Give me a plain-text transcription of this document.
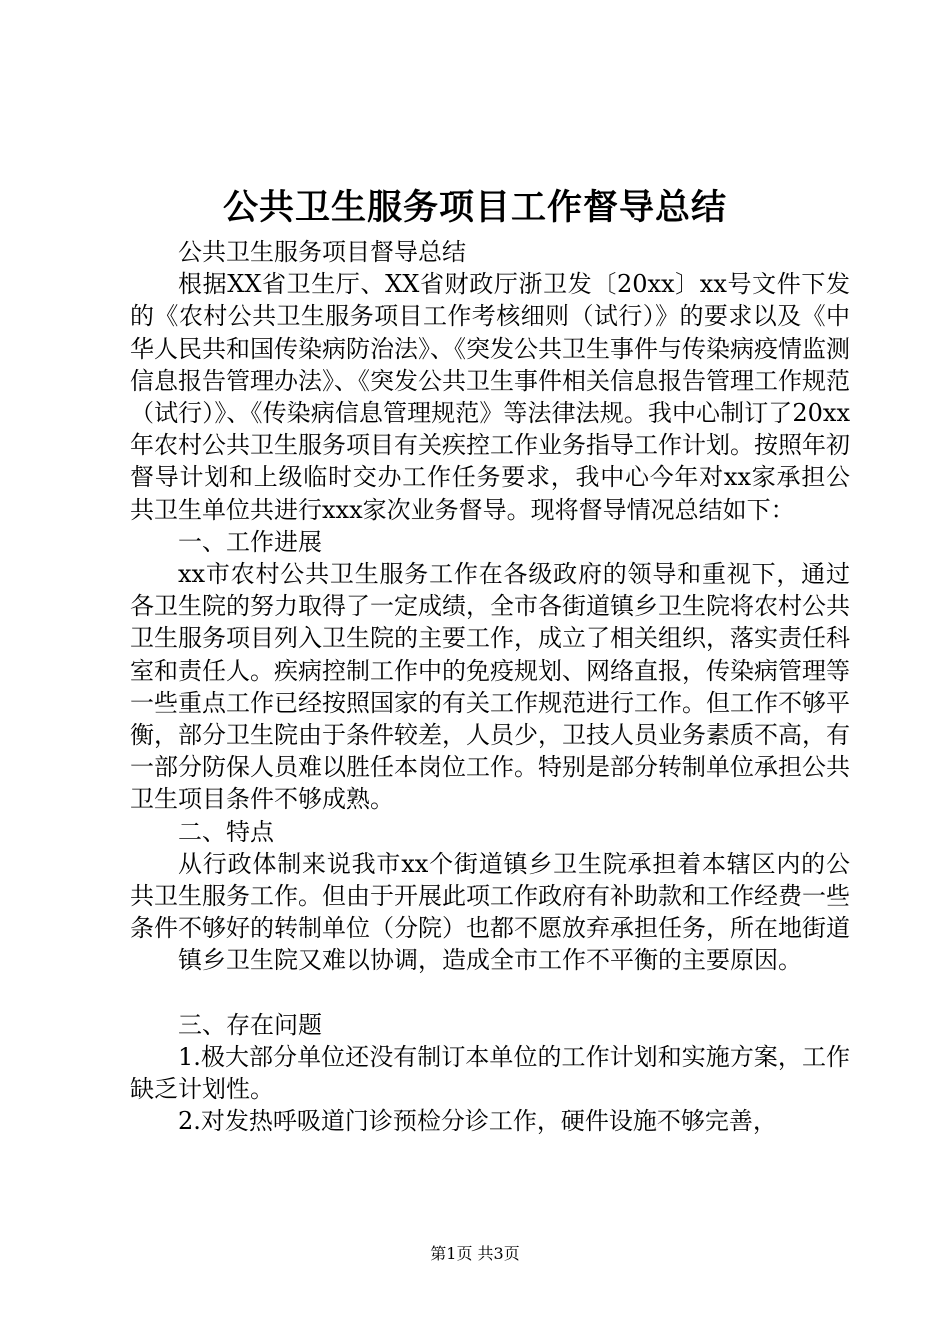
公共卫生服务项目工作督导总结

公共卫生服务项目督导总结

根据XX省卫生厅、XX省财政厅浙卫发〔20xx〕xx号文件下发的《农村公共卫生服务项目工作考核细则（试行）》的要求以及《中华人民共和国传染病防治法》、《突发公共卫生事件与传染病疫情监测信息报告管理办法》、《突发公共卫生事件相关信息报告管理工作规范（试行）》、《传染病信息管理规范》等法律法规。我中心制订了20xx年农村公共卫生服务项目有关疾控工作业务指导工作计划。按照年初督导计划和上级临时交办工作任务要求，我中心今年对xx家承担公共卫生单位共进行xxx家次业务督导。现将督导情况总结如下：

一、工作进展

xx市农村公共卫生服务工作在各级政府的领导和重视下，通过各卫生院的努力取得了一定成绩，全市各街道镇乡卫生院将农村公共卫生服务项目列入卫生院的主要工作，成立了相关组织，落实责任科室和责任人。疾病控制工作中的免疫规划、网络直报，传染病管理等一些重点工作已经按照国家的有关工作规范进行工作。但工作不够平衡，部分卫生院由于条件较差，人员少，卫技人员业务素质不高，有一部分防保人员难以胜任本岗位工作。特别是部分转制单位承担公共卫生项目条件不够成熟。

二、特点

从行政体制来说我市xx个街道镇乡卫生院承担着本辖区内的公共卫生服务工作。但由于开展此项工作政府有补助款和工作经费一些条件不够好的转制单位（分院）也都不愿放弃承担任务，所在地街道

镇乡卫生院又难以协调，造成全市工作不平衡的主要原因。

三、存在问题

1.极大部分单位还没有制订本单位的工作计划和实施方案，工作缺乏计划性。

2.对发热呼吸道门诊预检分诊工作，硬件设施不够完善，

第1页 共3页
